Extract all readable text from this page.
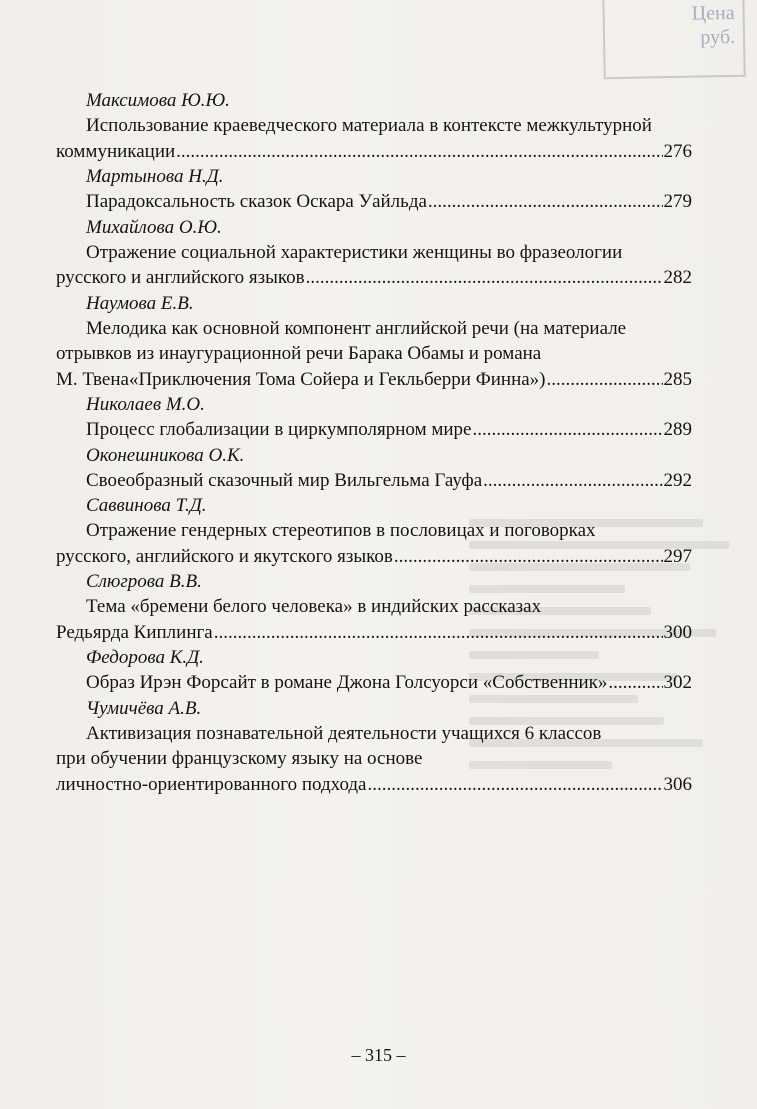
Цена
руб.
Максимова Ю.Ю.
Использование краеведческого материала в контексте межкультурной
коммуникации .....	276
Мартынова Н.Д.
Парадоксальность сказок Оскара Уайльда .....	279
Михайлова О.Ю.
Отражение социальной характеристики женщины во фразеологии
русского и английского языков .....	282
Наумова Е.В.
Мелодика как основной компонент английской речи (на материале
отрывков из инаугурационной речи Барака Обамы и романа
М. Твена«Приключения Тома Сойера и Гекльберри Финна») .....	285
Николаев М.О.
Процесс глобализации в циркумполярном мире .....	289
Оконешникова О.К.
Своеобразный сказочный мир Вильгельма Гауфа .....	292
Саввинова Т.Д.
Отражение гендерных стереотипов в пословицах и поговорках
русского, английского и якутского языков .....	297
Слюгрова В.В.
Тема «бремени белого человека» в индийских рассказах
Редьярда Киплинга .....	300
Федорова К.Д.
Образ Ирэн Форсайт в романе Джона Голсуорси «Собственник» .....	302
Чумичёва А.В.
Активизация познавательной деятельности учащихся 6 классов
при обучении французскому языку на основе
личностно-ориентированного подхода .....	306
– 315 –
